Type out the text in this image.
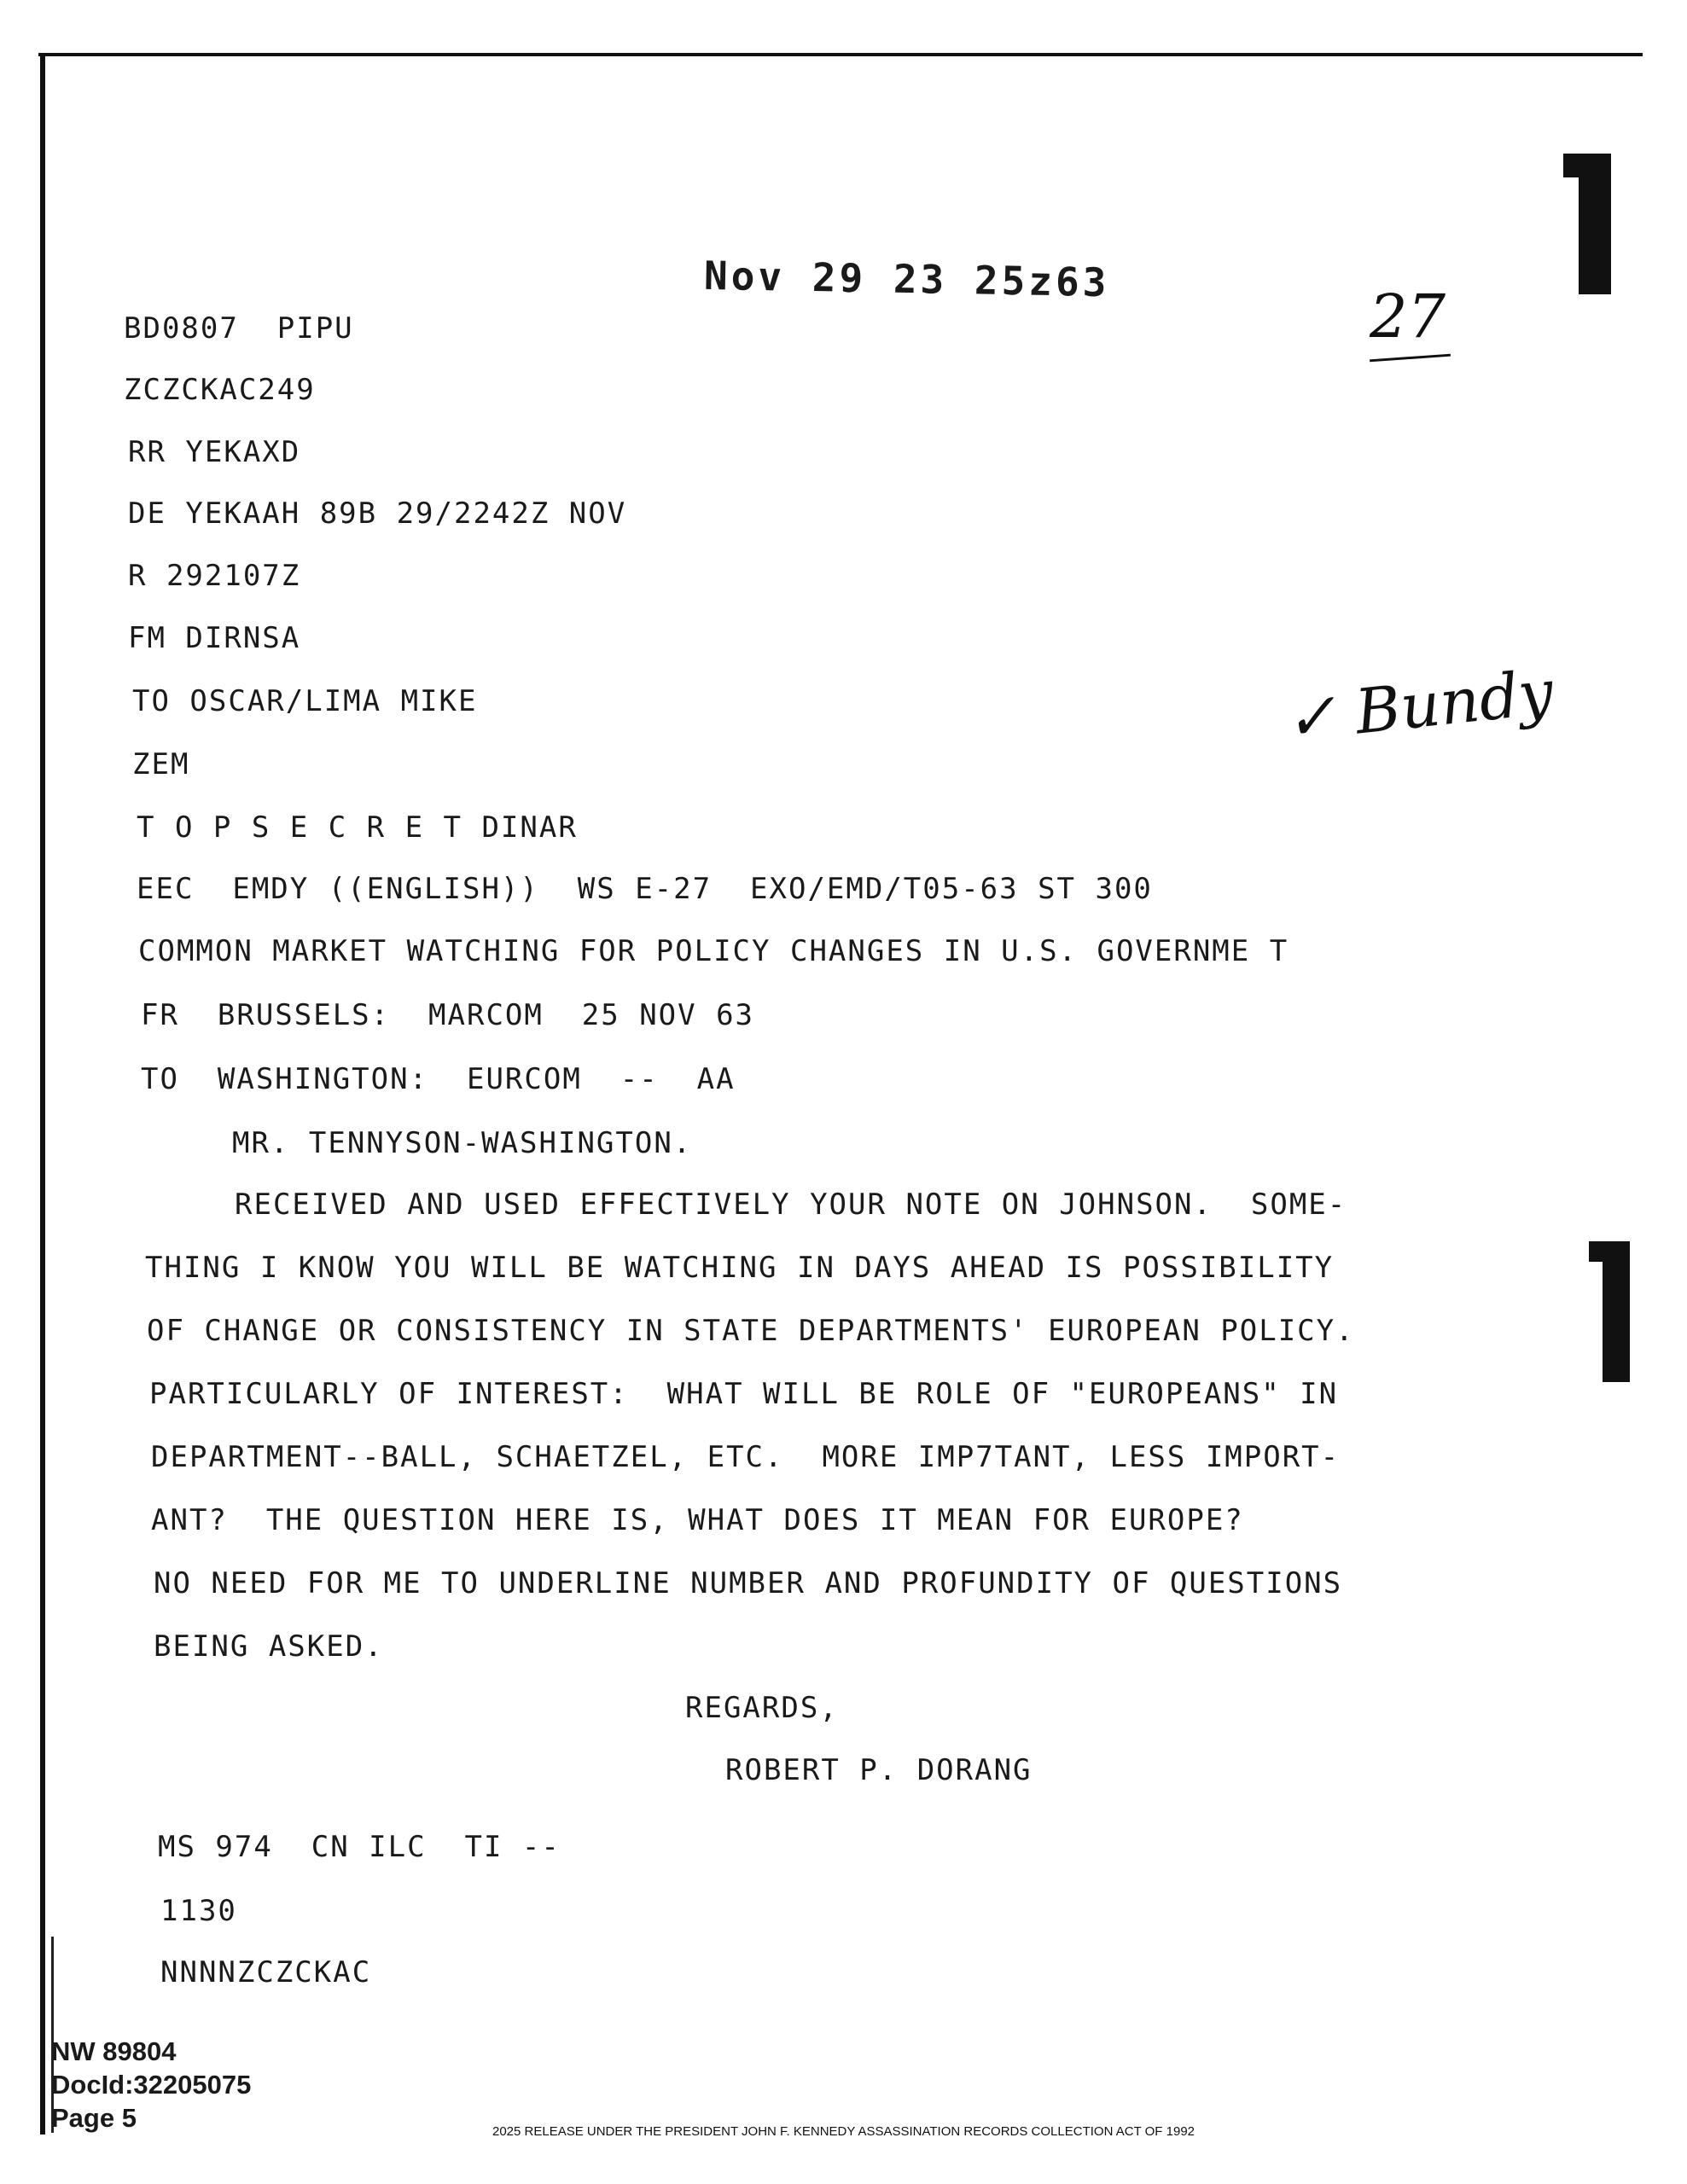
Nov 29 23 25z63
27
✓ Bundy
BD0807  PIPU
ZCZCKAC249
RR YEKAXD
DE YEKAAH 89B 29/2242Z NOV
R 292107Z
FM DIRNSA
TO OSCAR/LIMA MIKE
ZEM
T O P S E C R E T DINAR
EEC  EMDY ((ENGLISH))  WS E-27  EXO/EMD/T05-63 ST 300
COMMON MARKET WATCHING FOR POLICY CHANGES IN U.S. GOVERNME T
FR  BRUSSELS:  MARCOM  25 NOV 63
TO  WASHINGTON:  EURCOM  --  AA
MR. TENNYSON-WASHINGTON.
RECEIVED AND USED EFFECTIVELY YOUR NOTE ON JOHNSON.  SOME-
THING I KNOW YOU WILL BE WATCHING IN DAYS AHEAD IS POSSIBILITY
OF CHANGE OR CONSISTENCY IN STATE DEPARTMENTS' EUROPEAN POLICY.
PARTICULARLY OF INTEREST:  WHAT WILL BE ROLE OF "EUROPEANS" IN
DEPARTMENT--BALL, SCHAETZEL, ETC.  MORE IMP7TANT, LESS IMPORT-
ANT?  THE QUESTION HERE IS, WHAT DOES IT MEAN FOR EUROPE?
NO NEED FOR ME TO UNDERLINE NUMBER AND PROFUNDITY OF QUESTIONS
BEING ASKED.
REGARDS,
ROBERT P. DORANG
MS 974  CN ILC  TI --
1130
NNNNZCZCKAC
NW 89804
DocId:32205075
Page 5	2025 RELEASE UNDER THE PRESIDENT JOHN F. KENNEDY ASSASSINATION RECORDS COLLECTION ACT OF 1992
